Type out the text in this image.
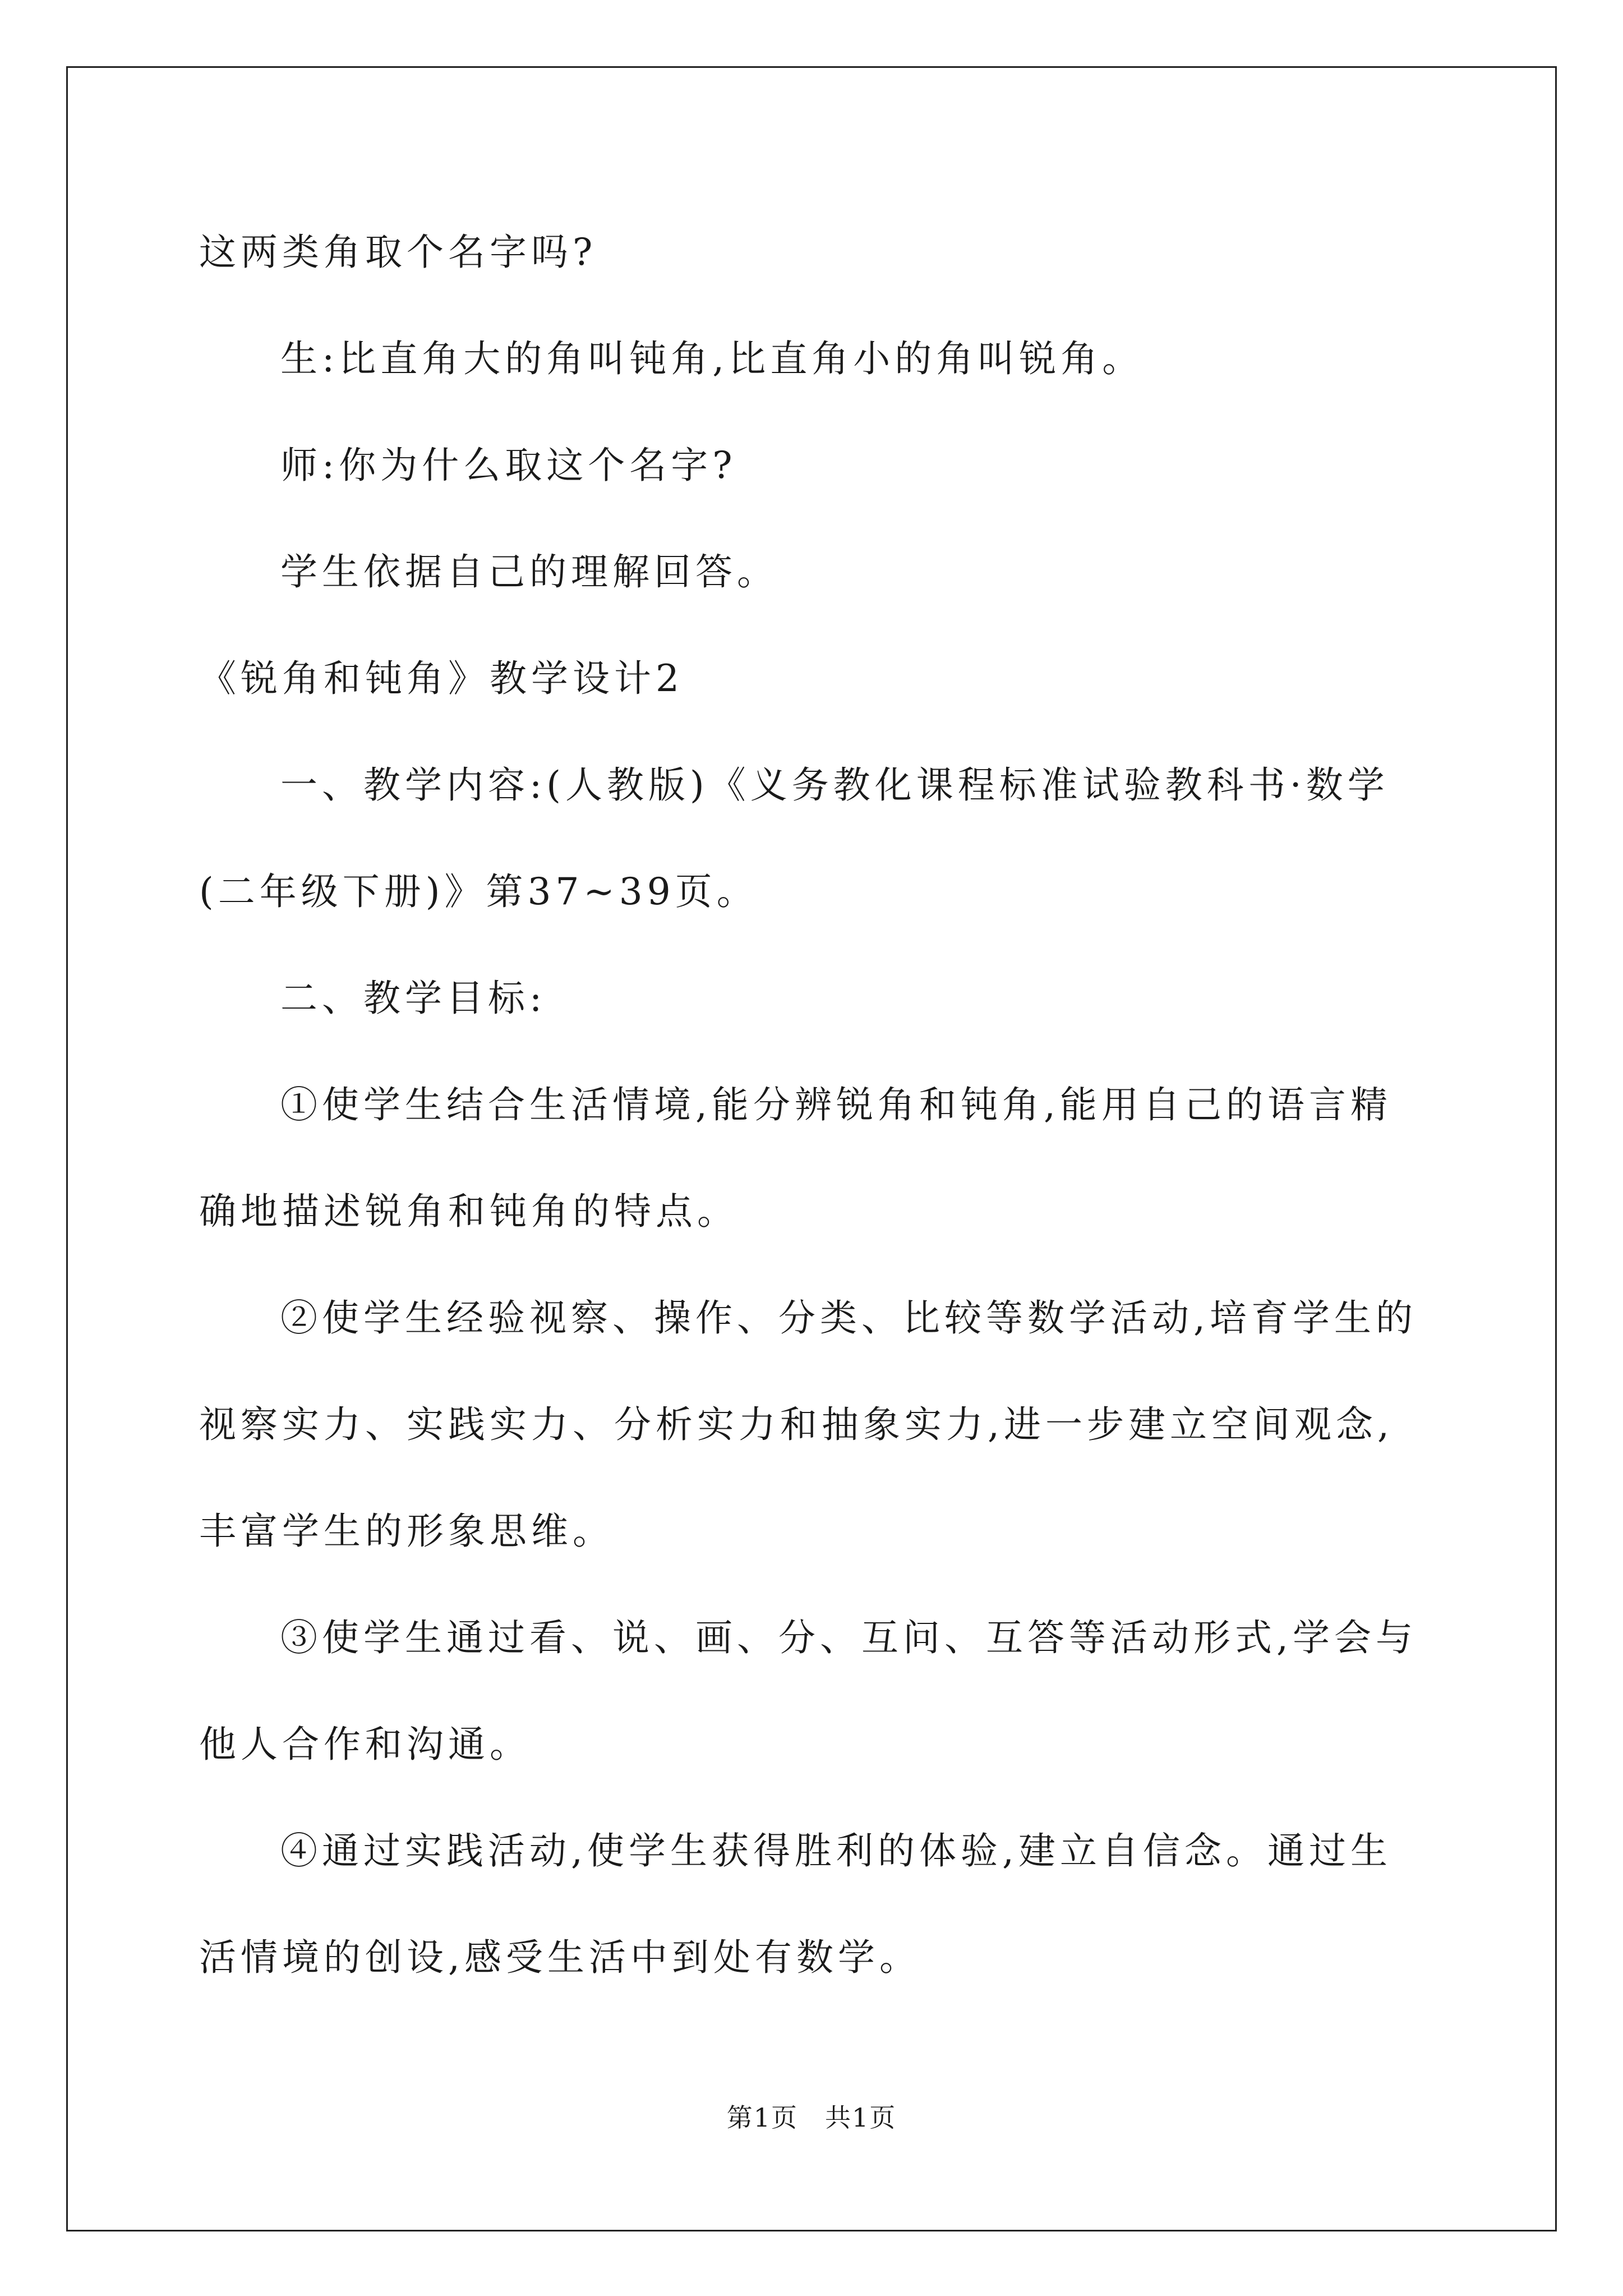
这两类角取个名字吗?

生:比直角大的角叫钝角,比直角小的角叫锐角。

师:你为什么取这个名字?

学生依据自己的理解回答。

《锐角和钝角》教学设计2

一、教学内容:(人教版)《义务教化课程标准试验教科书·数学(二年级下册)》第37~39页。

二、教学目标:

①使学生结合生活情境,能分辨锐角和钝角,能用自己的语言精确地描述锐角和钝角的特点。

②使学生经验视察、操作、分类、比较等数学活动,培育学生的视察实力、实践实力、分析实力和抽象实力,进一步建立空间观念,丰富学生的形象思维。

③使学生通过看、说、画、分、互问、互答等活动形式,学会与他人合作和沟通。

④通过实践活动,使学生获得胜利的体验,建立自信念。通过生活情境的创设,感受生活中到处有数学。

第1页　共1页
